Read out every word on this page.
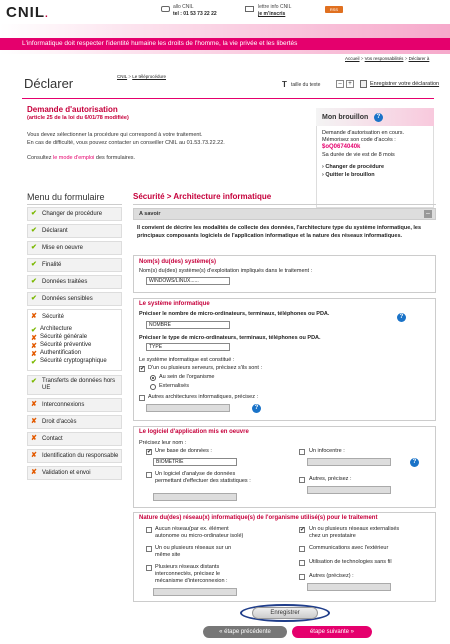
CNIL.
allo CNIL
tel : 01 53 73 22 22
lettre info CNIL
je m'inscris
RSS
L'informatique doit respecter l'identité humaine les droits de l'homme, la vie privée et les libertés
Accueil > Vos responsabilités > Déclarer à
Déclarer	CNIL > Le téléprocédure
T taille du texte	–	+	Enregistrer votre déclaration
Demande d'autorisation
(article 25 de la loi du 6/01/78 modifiée)
Vous devez sélectionner la procédure qui correspond à votre traitement.
En cas de difficulté, vous pouvez contacter un conseiller CNIL au 01.53.73.22.22.
Consultez le mode d'emploi des formulaires.
Mon brouillon	?
Demande d'autorisation en cours.
Mémorisez son code d'accès :
$oQ0674040k
Sa durée de vie est de 8 mois
› Changer de procédure
› Quitter le brouillon
Menu du formulaire
✔ Changer de procédure
✔ Déclarant
✔ Mise en oeuvre
✔ Finalité
✔ Données traitées
✔ Données sensibles
✘ Sécurité
✔ Architecture
✘ Sécurité générale
✘ Sécurité préventive
✘ Authentification
✔ Sécurité cryptographique
✔ Transferts de données hors UE
✘ Interconnexions
✘ Droit d'accès
✘ Contact
✘ Identification du responsable
✘ Validation et envoi
Sécurité > Architecture informatique
A savoir	–
Il convient de décrire les modalités de collecte des données, l'architecture type du système informatique, les principaux composants logiciels de l'application informatique et la nature des réseaux informatiques.
Nom(s) du(des) système(s)
Nom(s) du(des) système(s) d'exploitation impliqués dans le traitement :
WINDOWS/LINUX......
Le système informatique
Préciser le nombre de micro-ordinateurs, terminaux, téléphones ou PDA.	?
NOMBRE
Préciser le type de micro-ordinateurs, terminaux, téléphones ou PDA.
TYPE
Le système informatique est constitué :
✔ D'un ou plusieurs serveurs, précisez s'ils sont :
Au sein de l'organisme
Externalisés
Autres architectures informatiques, précisez :
?
Le logiciel d'application mis en oeuvre
Précisez leur nom :
✔ Une base de données :
BIOMETRIE
Un infocentre :
?
Un logiciel d'analyse de données permettant d'effectuer des statistiques :	Autres, précisez :
Nature du(des) réseau(x) informatique(s) de l'organisme utilisé(s) pour le traitement
Aucun réseau(par ex. élément autonome ou micro-ordinateur isolé)
Un ou plusieurs réseaux sur un même site
Plusieurs réseaux distants interconnectés, précisez le mécanisme d'interconnexion :
✔ Un ou plusieurs réseaux externalisés chez un prestataire
Communications avec l'extérieur
Utilisation de technologies sans fil
Autres (précisez) :
Enregistrer
« étape précédente	étape suivante »
